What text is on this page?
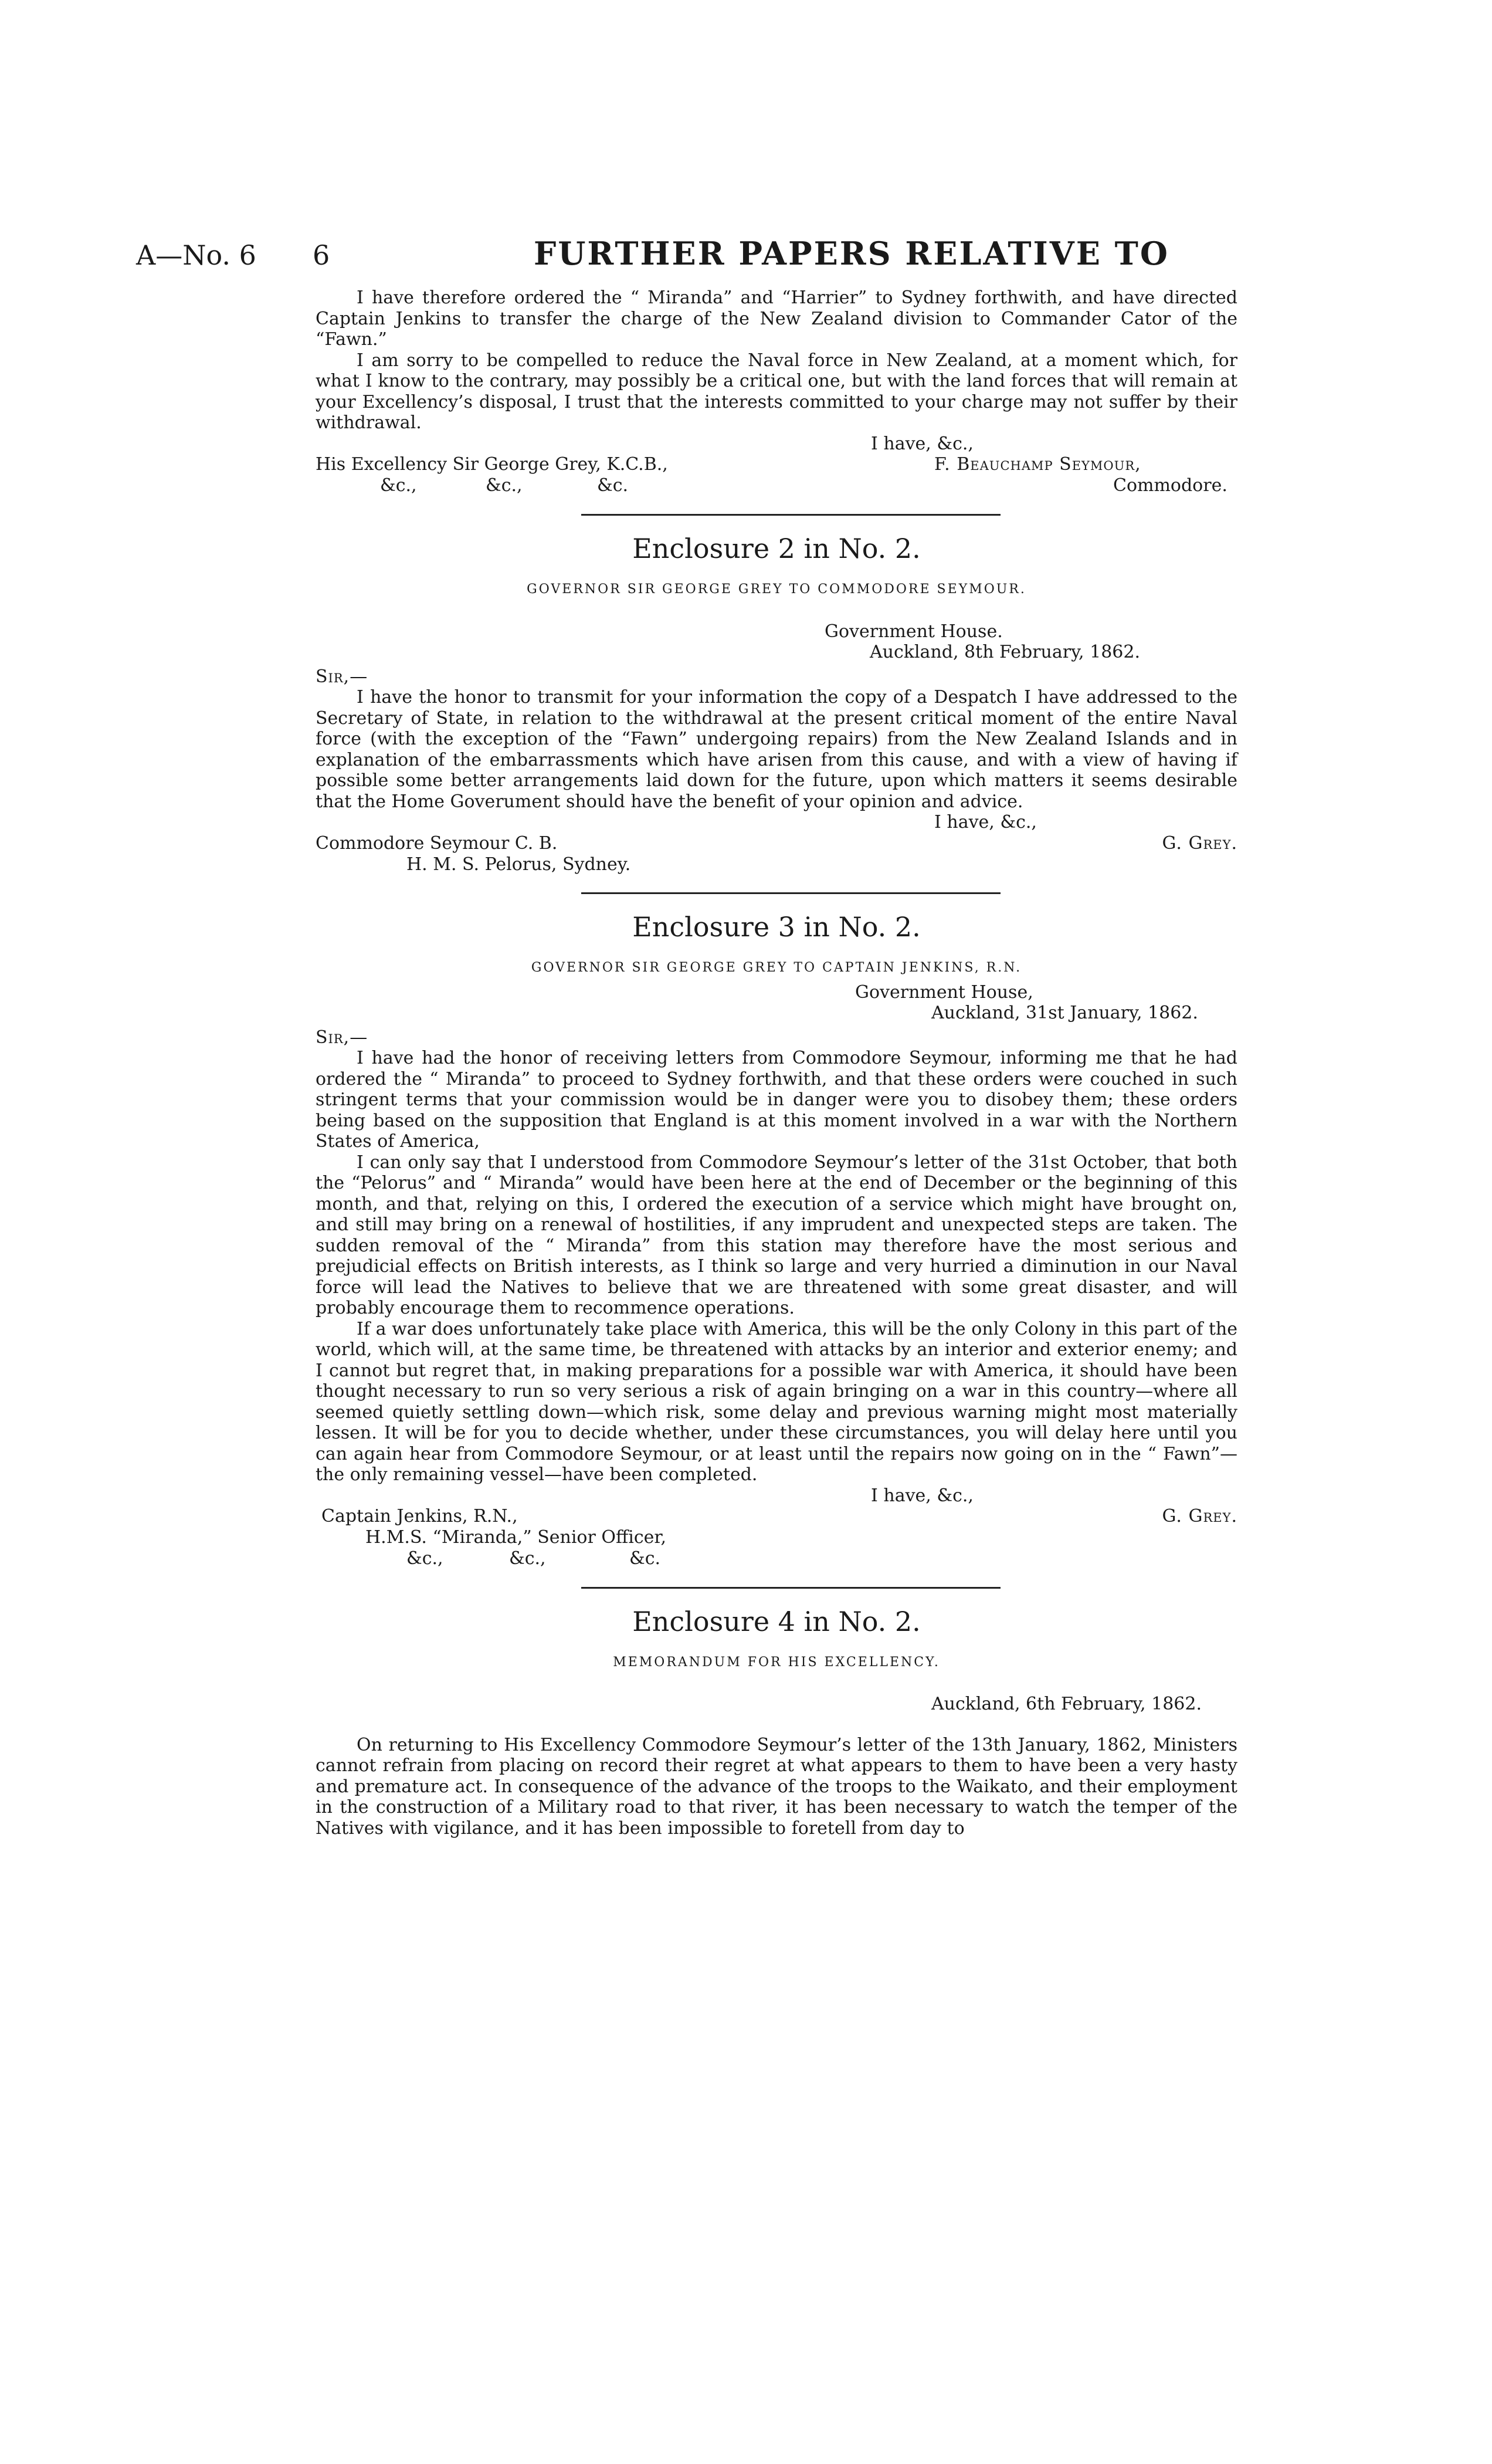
A—No. 6 6	FURTHER PAPERS RELATIVE TO

I have therefore ordered the “ Miranda” and “Harrier” to Sydney forthwith, and have directed Captain Jenkins to transfer the charge of the New Zealand division to Commander Cator of the “Fawn.”

I am sorry to be compelled to reduce the Naval force in New Zealand, at a moment which, for what I know to the contrary, may possibly be a critical one, but with the land forces that will remain at your Excellency’s disposal, I trust that the interests committed to your charge may not suffer by their withdrawal.

I have, &c.,
His Excellency Sir George Grey, K.C.B.,	F. Beauchamp Seymour,
&c.,	&c.,	&c.	Commodore.
Enclosure 2 in No. 2.
GOVERNOR SIR GEORGE GREY TO COMMODORE SEYMOUR.
Government House.
Auckland, 8th February, 1862.
Sir,—

I have the honor to transmit for your information the copy of a Despatch I have addressed to the Secretary of State, in relation to the withdrawal at the present critical moment of the entire Naval force (with the exception of the “Fawn” undergoing repairs) from the New Zealand Islands and in explanation of the embarrassments which have arisen from this cause, and with a view of having if possible some better arrangements laid down for the future, upon which matters it seems desirable that the Home Goverument should have the benefit of your opinion and advice.

I have, &c.,
Commodore Seymour C. B.	G. Grey.
H. M. S. Pelorus, Sydney.
Enclosure 3 in No. 2.
GOVERNOR SIR GEORGE GREY TO CAPTAIN JENKINS, R.N.
Government House,
Auckland, 31st January, 1862.
Sir,—

I have had the honor of receiving letters from Commodore Seymour, informing me that he had ordered the “ Miranda” to proceed to Sydney forthwith, and that these orders were couched in such stringent terms that your commission would be in danger were you to disobey them; these orders being based on the supposition that England is at this moment involved in a war with the Northern States of America,

I can only say that I understood from Commodore Seymour’s letter of the 31st October, that both the “Pelorus” and “ Miranda” would have been here at the end of December or the beginning of this month, and that, relying on this, I ordered the execution of a service which might have brought on, and still may bring on a renewal of hostilities, if any imprudent and unexpected steps are taken. The sudden removal of the “ Miranda” from this station may therefore have the most serious and prejudicial effects on British interests, as I think so large and very hurried a diminution in our Naval force will lead the Natives to believe that we are threatened with some great disaster, and will probably encourage them to recommence operations.

If a war does unfortunately take place with America, this will be the only Colony in this part of the world, which will, at the same time, be threatened with attacks by an interior and exterior enemy; and I cannot but regret that, in making preparations for a possible war with America, it should have been thought necessary to run so very serious a risk of again bringing on a war in this country—where all seemed quietly settling down—which risk, some delay and previous warning might most materially lessen. It will be for you to decide whether, under these circumstances, you will delay here until you can again hear from Commodore Seymour, or at least until the repairs now going on in the “ Fawn”—the only remaining vessel—have been completed.

I have, &c.,
Captain Jenkins, R.N.,	G. Grey.
H.M.S. “Miranda,” Senior Officer,
&c.,	&c.,	&c.
Enclosure 4 in No. 2.
MEMORANDUM FOR HIS EXCELLENCY.
Auckland, 6th February, 1862.

On returning to His Excellency Commodore Seymour’s letter of the 13th January, 1862, Ministers cannot refrain from placing on record their regret at what appears to them to have been a very hasty and premature act. In consequence of the advance of the troops to the Waikato, and their employment in the construction of a Military road to that river, it has been necessary to watch the temper of the Natives with vigilance, and it has been impossible to foretell from day to
